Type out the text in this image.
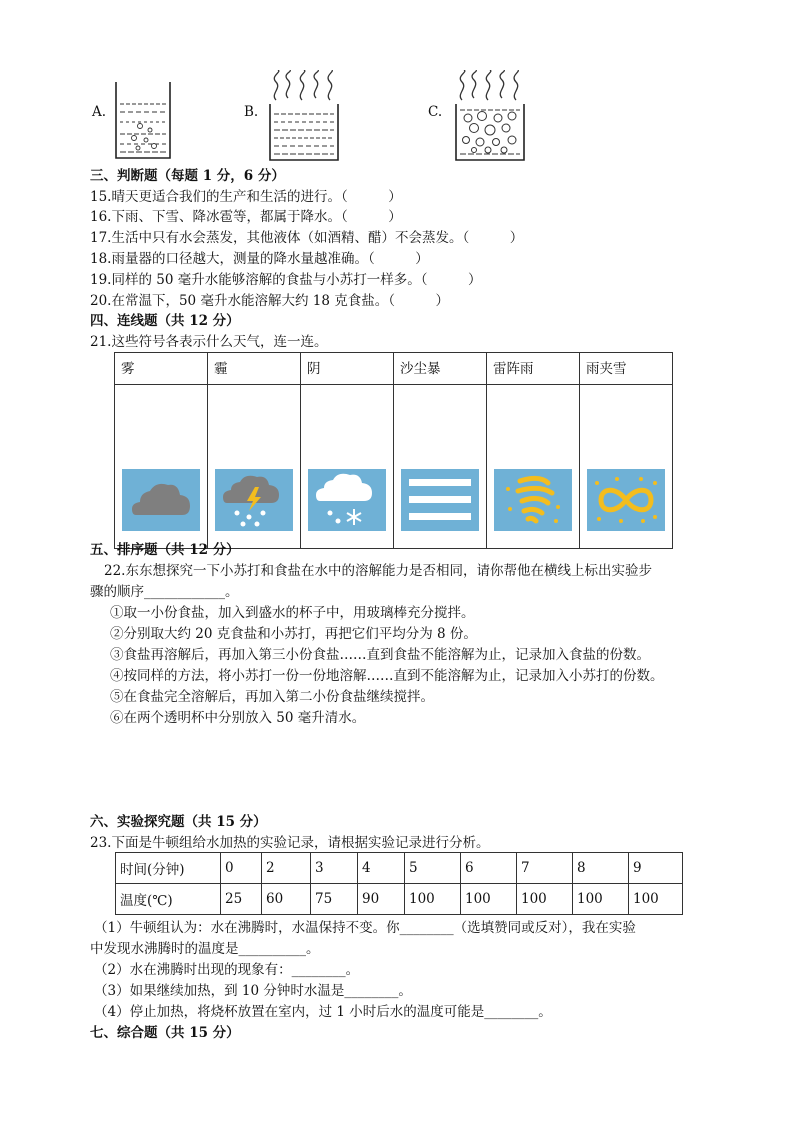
A.	B.	C.
三、判断题（每题 1 分，6 分）
15.晴天更适合我们的生产和生活的进行。（　　　）
16.下雨、下雪、降冰雹等，都属于降水。（　　　）
17.生活中只有水会蒸发，其他液体（如酒精、醋）不会蒸发。（　　　）
18.雨量器的口径越大，测量的降水量越准确。（　　　）
19.同样的 50 毫升水能够溶解的食盐与小苏打一样多。（　　　）
20.在常温下，50 毫升水能溶解大约 18 克食盐。（　　　）
四、连线题（共 12 分）
21.这些符号各表示什么天气，连一连。
雾	霾	阴	沙尘暴	雷阵雨	雨夹雪

五、排序题（共 12 分）
22.东东想探究一下小苏打和食盐在水中的溶解能力是否相同，请你帮他在横线上标出实验步
骤的顺序____________。
①取一小份食盐，加入到盛水的杯子中，用玻璃棒充分搅拌。
②分别取大约 20 克食盐和小苏打，再把它们平均分为 8 份。
③食盐再溶解后，再加入第三小份食盐……直到食盐不能溶解为止，记录加入食盐的份数。
④按同样的方法，将小苏打一份一份地溶解……直到不能溶解为止，记录加入小苏打的份数。
⑤在食盐完全溶解后，再加入第二小份食盐继续搅拌。
⑥在两个透明杯中分别放入 50 毫升清水。
六、实验探究题（共 15 分）
23.下面是牛顿组给水加热的实验记录，请根据实验记录进行分析。
时间(分钟)	0	2	3	4	5	6	7	8	9
温度(℃)	25	60	75	90	100	100	100	100	100
（1）牛顿组认为：水在沸腾时，水温保持不变。你________（选填赞同或反对），我在实验
中发现水沸腾时的温度是__________。
（2）水在沸腾时出现的现象有：________。
（3）如果继续加热，到 10 分钟时水温是________。
（4）停止加热，将烧杯放置在室内，过 1 小时后水的温度可能是________。
七、综合题（共 15 分）
